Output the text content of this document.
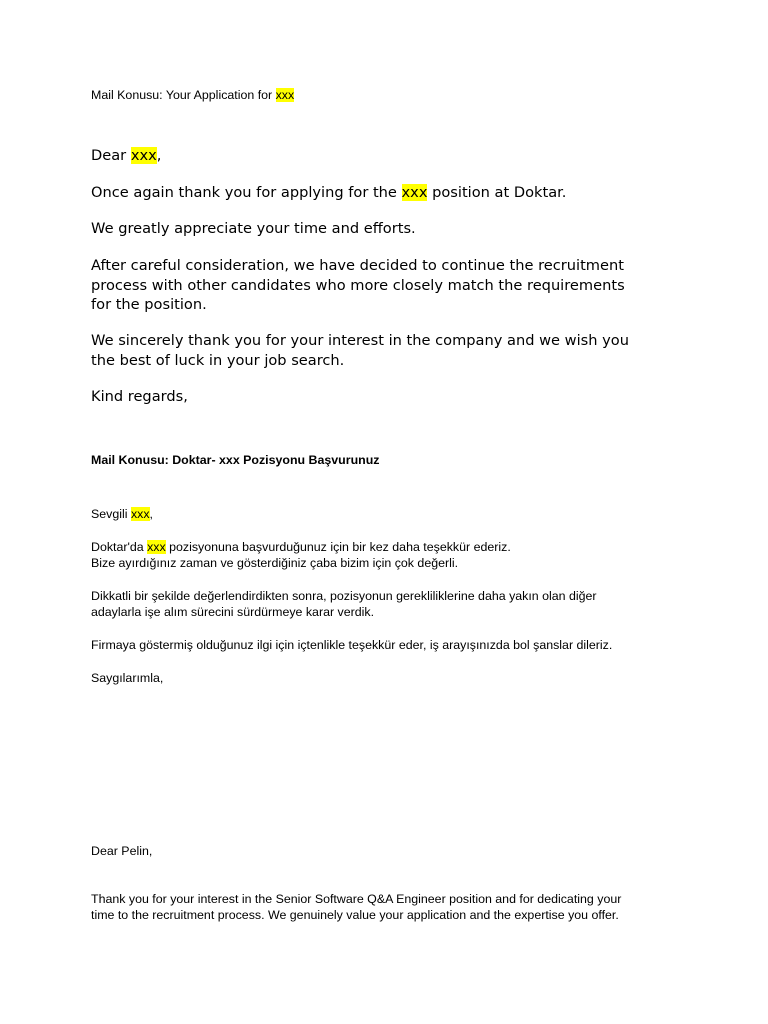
Mail Konusu: Your Application for xxx

Dear xxx,

Once again thank you for applying for the xxx position at Doktar.

We greatly appreciate your time and efforts.

After careful consideration, we have decided to continue the recruitment

process with other candidates who more closely match the requirements

for the position.

We sincerely thank you for your interest in the company and we wish you

the best of luck in your job search.

Kind regards,

Mail Konusu: Doktar- xxx Pozisyonu Başvurunuz

Sevgili xxx,

Doktar'da xxx pozisyonuna başvurduğunuz için bir kez daha teşekkür ederiz.

Bize ayırdığınız zaman ve gösterdiğiniz çaba bizim için çok değerli.

Dikkatli bir şekilde değerlendirdikten sonra, pozisyonun gerekliliklerine daha yakın olan diğer

adaylarla işe alım sürecini sürdürmeye karar verdik.

Firmaya göstermiş olduğunuz ilgi için içtenlikle teşekkür eder, iş arayışınızda bol şanslar dileriz.

Saygılarımla,

Dear Pelin,

Thank you for your interest in the Senior Software Q&A Engineer position and for dedicating your

time to the recruitment process. We genuinely value your application and the expertise you offer.
